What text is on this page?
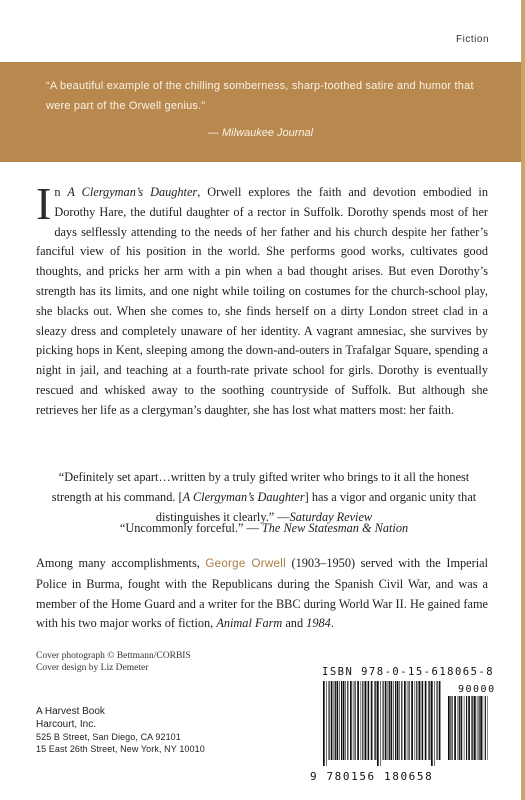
Fiction
“A beautiful example of the chilling somberness, sharp-toothed satire and humor that were part of the Orwell genius.”
— Milwaukee Journal
In A Clergyman’s Daughter, Orwell explores the faith and devotion embodied in Dorothy Hare, the dutiful daughter of a rector in Suffolk. Dorothy spends most of her days selflessly attending to the needs of her father and his church despite her father’s fanciful view of his position in the world. She performs good works, cultivates good thoughts, and pricks her arm with a pin when a bad thought arises. But even Dorothy’s strength has its limits, and one night while toiling on costumes for the church-school play, she blacks out. When she comes to, she finds herself on a dirty London street clad in a sleazy dress and completely unaware of her identity. A vagrant amnesiac, she survives by picking hops in Kent, sleeping among the down-and-outers in Trafalgar Square, spending a night in jail, and teaching at a fourth-rate private school for girls. Dorothy is eventually rescued and whisked away to the soothing countryside of Suffolk. But although she retrieves her life as a clergyman’s daughter, she has lost what matters most: her faith.
“Definitely set apart…written by a truly gifted writer who brings to it all the honest strength at his command. [A Clergyman’s Daughter] has a vigor and organic unity that distinguishes it clearly.” —Saturday Review
“Uncommonly forceful.” — The New Statesman & Nation
Among many accomplishments, George Orwell (1903–1950) served with the Imperial Police in Burma, fought with the Republicans during the Spanish Civil War, and was a member of the Home Guard and a writer for the BBC during World War II. He gained fame with his two major works of fiction, Animal Farm and 1984.
Cover photograph © Bettmann/CORBIS
Cover design by Liz Demeter
A Harvest Book
Harcourt, Inc.
525 B Street, San Diego, CA 92101
15 East 26th Street, New York, NY 10010
ISBN 978-0-15-618065-8
90000
9 780156 180658
